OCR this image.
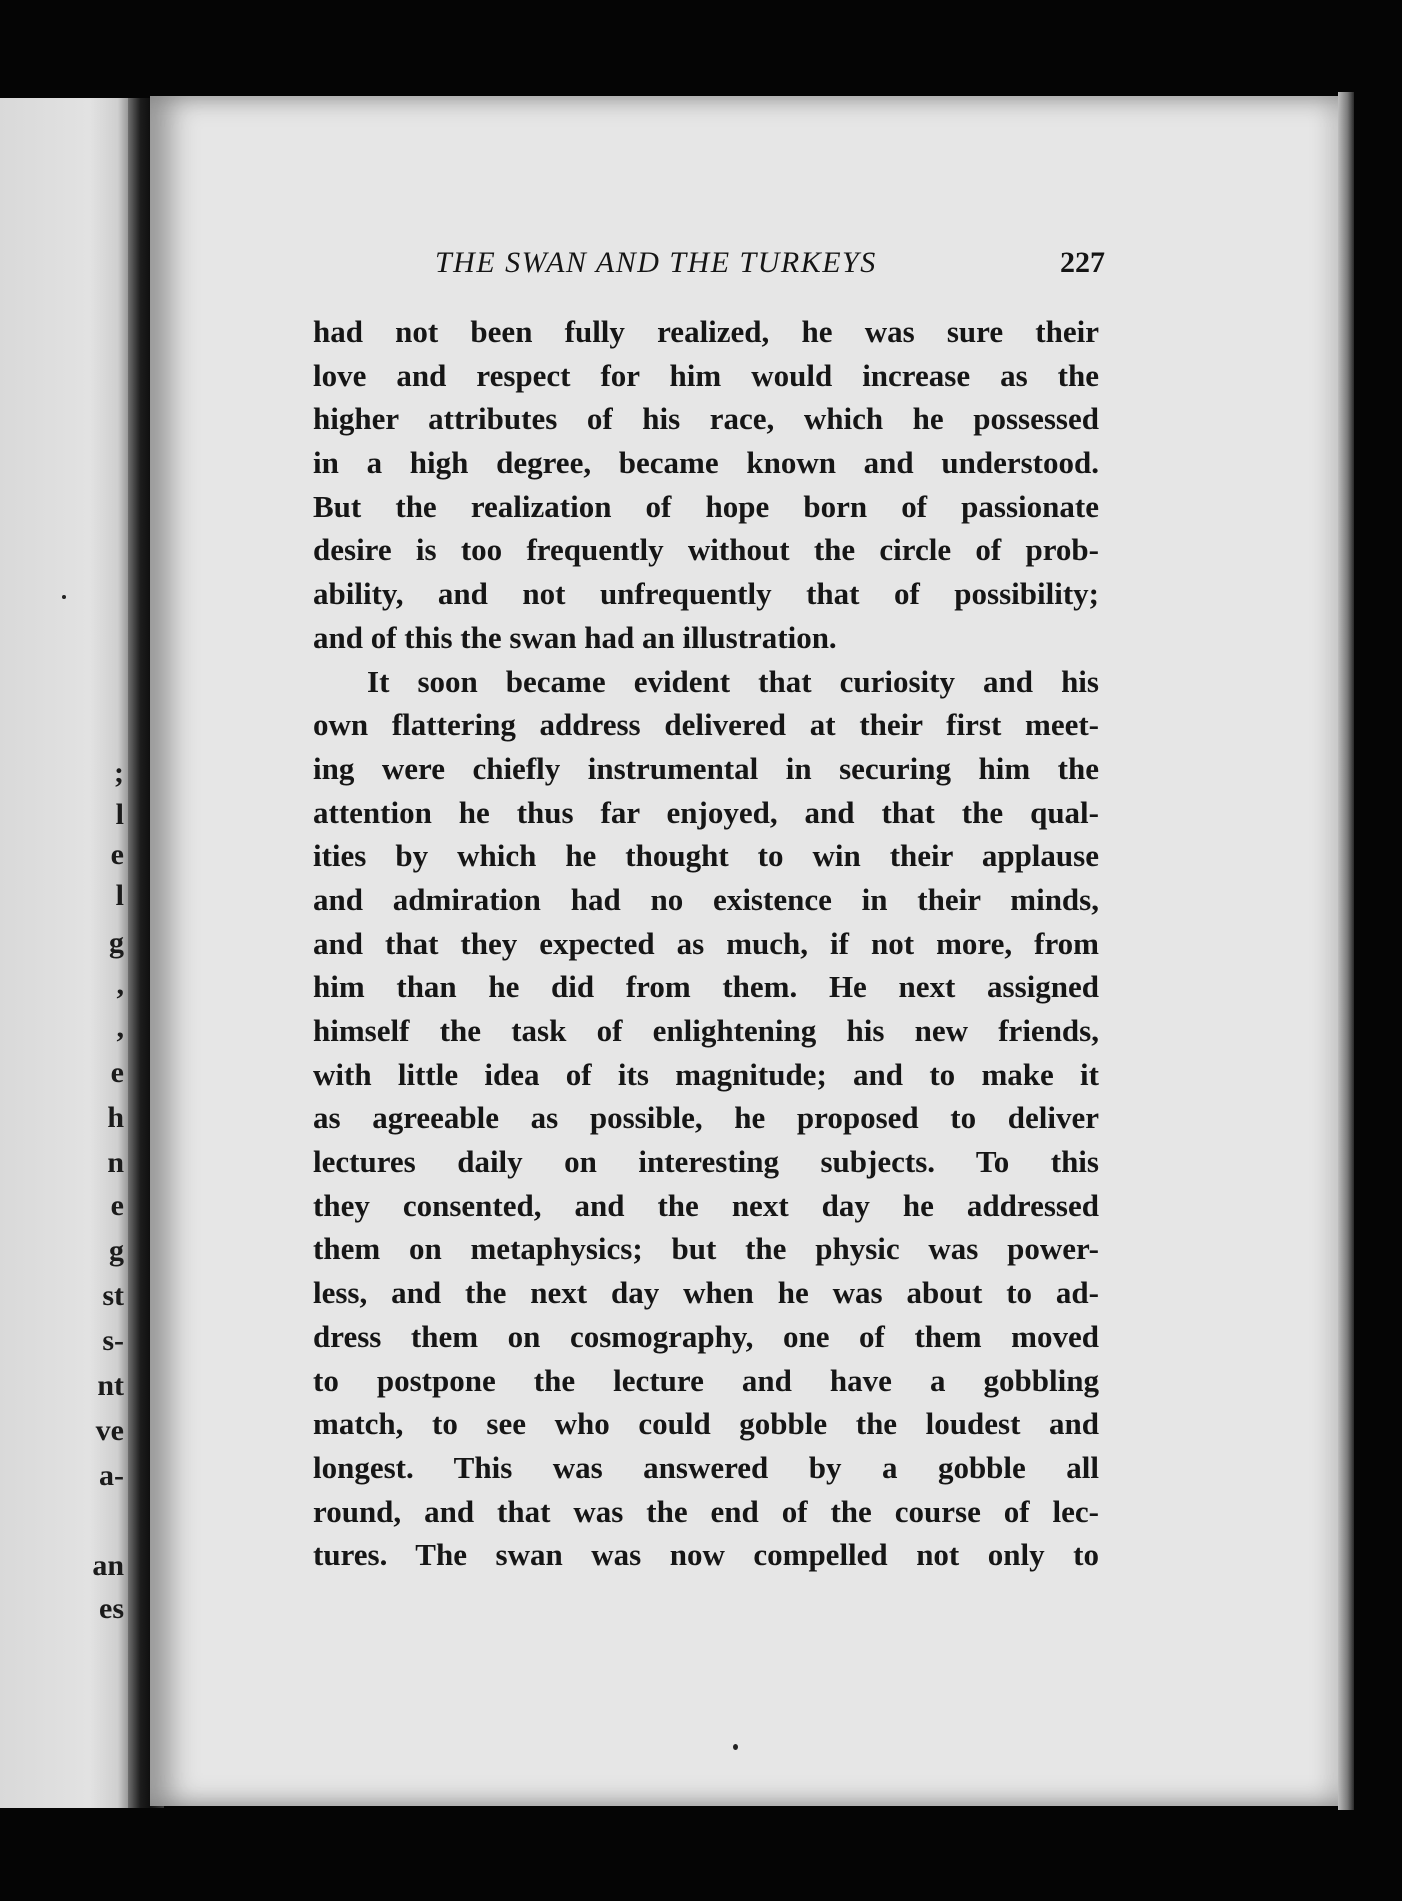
;
l
e
l
g
,
,
e
h
n
e
g
st
s-
nt
ve
a-
an
es
THE SWAN AND THE TURKEYS	227
had not been fully realized, he was sure their
love and respect for him would increase as the
higher attributes of his race, which he possessed
in a high degree, became known and understood.
But the realization of hope born of passionate
desire is too frequently without the circle of prob-
ability, and not unfrequently that of possibility;
and of this the swan had an illustration.
It soon became evident that curiosity and his
own flattering address delivered at their first meet-
ing were chiefly instrumental in securing him the
attention he thus far enjoyed, and that the qual-
ities by which he thought to win their applause
and admiration had no existence in their minds,
and that they expected as much, if not more, from
him than he did from them. He next assigned
himself the task of enlightening his new friends,
with little idea of its magnitude; and to make it
as agreeable as possible, he proposed to deliver
lectures daily on interesting subjects. To this
they consented, and the next day he addressed
them on metaphysics; but the physic was power-
less, and the next day when he was about to ad-
dress them on cosmography, one of them moved
to postpone the lecture and have a gobbling
match, to see who could gobble the loudest and
longest. This was answered by a gobble all
round, and that was the end of the course of lec-
tures. The swan was now compelled not only to
